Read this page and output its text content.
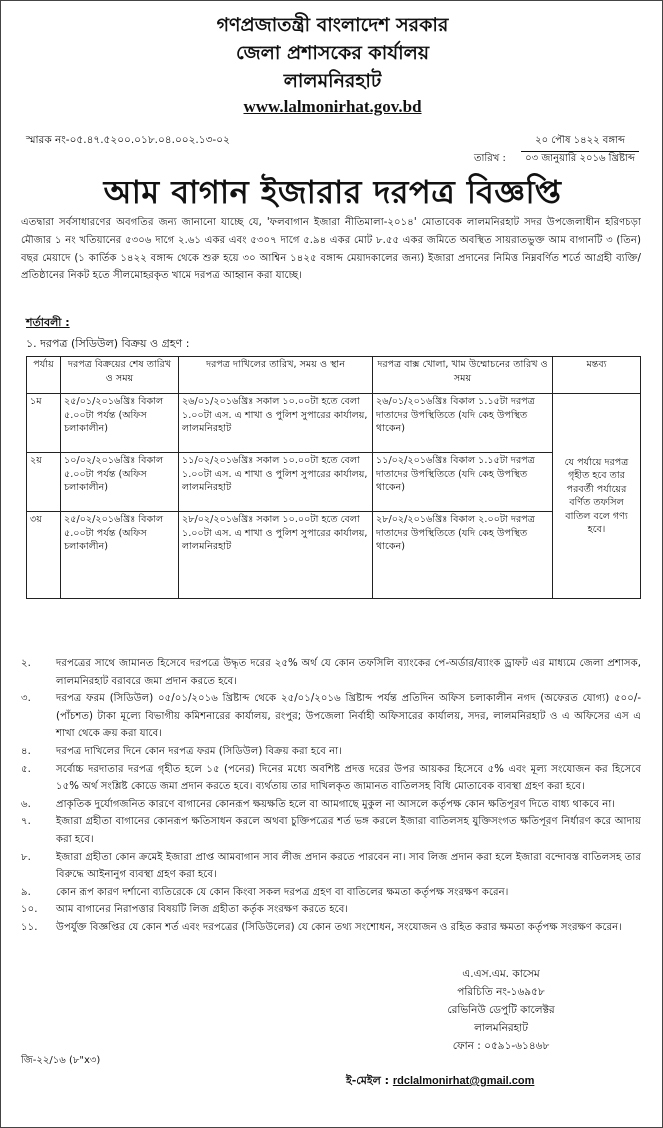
গণপ্রজাতন্ত্রী বাংলাদেশ সরকার
জেলা প্রশাসকের কার্যালয়
লালমনিরহাট
www.lalmonirhat.gov.bd
স্মারক নং-০৫.৪৭.৫২০০.০১৮.০৪.০০২.১৩-০২
তারিখ :
২০ পৌষ ১৪২২ বঙ্গাব্দ
০৩ জানুয়ারি ২০১৬ খ্রিষ্টাব্দ
আম বাগান ইজারার দরপত্র বিজ্ঞপ্তি
এতদ্বারা সর্বসাধারণের অবগতির জন্য জানানো যাচ্ছে যে, 'ফলবাগান ইজারা নীতিমালা-২০১৪' মোতাবেক লালমনিরহাট সদর উপজেলাধীন হরিণচড়া মৌজার ১ নং খতিয়ানের ৫৩০৬ দাগে ২.৬১ একর এবং ৫৩০৭ দাগে ৫.৯৪ একর মোট ৮.৫৫ একর জমিতে অবস্থিত সায়রাতভুক্ত আম বাগানটি ৩ (তিন) বছর মেয়াদে (১ কার্তিক ১৪২২ বঙ্গাব্দ থেকে শুরু হয়ে ৩০ আশ্বিন ১৪২৫ বঙ্গাব্দ মেয়াদকালের জন্য) ইজারা প্রদানের নিমিত্ত নিম্নবর্ণিত শর্তে আগ্রহী ব্যক্তি/প্রতিষ্ঠানের নিকট হতে সীলমোহরকৃত খামে দরপত্র আহ্বান করা যাচ্ছে।
শর্তাবলী :
১. দরপত্র (সিডিউল) বিক্রয় ও গ্রহণ :
পর্যায়	দরপত্র বিক্রয়ের শেষ তারিখ ও সময়	দরপত্র দাখিলের তারিখ, সময় ও স্থান	দরপত্র বাক্স খোলা, খাম উম্মোচনের তারিখ ও সময়	মন্তব্য
১ম	২৫/০১/২০১৬খ্রিঃ বিকাল ৫.০০টা পর্যন্ত (অফিস চলাকালীন)	২৬/০১/২০১৬খ্রিঃ সকাল ১০.০০টা হতে বেলা ১.০০টা এস. এ শাখা ও পুলিশ সুপারের কার্যালয়, লালমনিরহাট	২৬/০১/২০১৬খ্রিঃ বিকাল ১.১৫টা দরপত্র দাতাদের উপস্থিতিতে (যদি কেহ উপস্থিত থাকেন)	যে পর্যায়ে দরপত্র গৃহীত হবে তার পরবর্তী পর্যায়ের বর্ণিত তফসিল বাতিল বলে গণ্য হবে।
২য়	১০/০২/২০১৬খ্রিঃ বিকাল ৫.০০টা পর্যন্ত (অফিস চলাকালীন)	১১/০২/২০১৬খ্রিঃ সকাল ১০.০০টা হতে বেলা ১.০০টা এস. এ শাখা ও পুলিশ সুপারের কার্যালয়, লালমনিরহাট	১১/০২/২০১৬খ্রিঃ বিকাল ১.১৫টা দরপত্র দাতাদের উপস্থিতিতে (যদি কেহ উপস্থিত থাকেন)	
৩য়	২৫/০২/২০১৬খ্রিঃ বিকাল ৫.০০টা পর্যন্ত (অফিস চলাকালীন)	২৮/০২/২০১৬খ্রিঃ সকাল ১০.০০টা হতে বেলা ১.০০টা এস. এ শাখা ও পুলিশ সুপারের কার্যালয়, লালমনিরহাট	২৮/০২/২০১৬খ্রিঃ বিকাল ২.০০টা দরপত্র দাতাদের উপস্থিতিতে (যদি কেহ উপস্থিত থাকেন)	
২.	দরপত্রের সাথে জামানত হিসেবে দরপত্রে উদ্ধৃত দরের ২৫% অর্থ যে কোন তফসিলি ব্যাংকের পে-অর্ডার/ব্যাংক ড্রাফট এর মাধ্যমে জেলা প্রশাসক, লালমনিরহাট বরাবরে জমা প্রদান করতে হবে।
৩.	দরপত্র ফরম (সিডিউল) ০৫/০১/২০১৬ খ্রিষ্টাব্দ থেকে ২৫/০১/২০১৬ খ্রিষ্টাব্দ পর্যন্ত প্রতিদিন অফিস চলাকালীন নগদ (অফেরত যোগ্য) ৫০০/- (পাঁচশত) টাকা মূল্যে বিভাগীয় কমিশনারের কার্যালয়, রংপুর; উপজেলা নির্বাহী অফিসারের কার্যালয়, সদর, লালমনিরহাট ও এ অফিসের এস এ শাখা থেকে ক্রয় করা যাবে।
৪.	দরপত্র দাখিলের দিনে কোন দরপত্র ফরম (সিডিউল) বিক্রয় করা হবে না।
৫.	সর্বোচ্চ দরদাতার দরপত্র গৃহীত হলে ১৫ (পনের) দিনের মধ্যে অবশিষ্ট প্রদত্ত দরের উপর আয়কর হিসেবে ৫% এবং মূল্য সংযোজন কর হিসেবে ১৫% অর্থ সংশ্লিষ্ট কোডে জমা প্রদান করতে হবে। ব্যর্থতায় তার দাখিলকৃত জামানত বাতিলসহ বিধি মোতাবেক ব্যবস্থা গ্রহণ করা হবে।
৬.	প্রাকৃতিক দুর্যোগজনিত কারণে বাগানের কোনরূপ ক্ষয়ক্ষতি হলে বা আমগাছে মুকুল না আসলে কর্তৃপক্ষ কোন ক্ষতিপূরণ দিতে বাধ্য থাকবে না।
৭.	ইজারা গ্রহীতা বাগানের কোনরূপ ক্ষতিসাধন করলে অথবা চুক্তিপত্রের শর্ত ভঙ্গ করলে ইজারা বাতিলসহ যুক্তিসংগত ক্ষতিপূরণ নির্ধারণ করে আদায় করা হবে।
৮.	ইজারা গ্রহীতা কোন ক্রমেই ইজারা প্রাপ্ত আমবাগান সাব লীজ প্রদান করতে পারবেন না। সাব লিজ প্রদান করা হলে ইজারা বন্দোবস্ত বাতিলসহ তার বিরুদ্ধে আইনানুগ ব্যবস্থা গ্রহণ করা হবে।
৯.	কোন রূপ কারণ দর্শানো ব্যতিরেকে যে কোন কিংবা সকল দরপত্র গ্রহণ বা বাতিলের ক্ষমতা কর্তৃপক্ষ সংরক্ষণ করেন।
১০.	আম বাগানের নিরাপত্তার বিষয়টি লিজ গ্রহীতা কর্তৃক সংরক্ষণ করতে হবে।
১১.	উপর্যুক্ত বিজ্ঞপ্তির যে কোন শর্ত এবং দরপত্রের (সিডিউলের) যে কোন তথ্য সংশোধন, সংযোজন ও রহিত করার ক্ষমতা কর্তৃপক্ষ সংরক্ষণ করেন।
এ.এস.এম. কাসেম
পরিচিতি নং-১৬৯৫৮
রেভিনিউ ডেপুটি কালেক্টর
লালমনিরহাট
ফোন : ০৫৯১-৬১৪৬৮
ই-মেইল : rdclalmonirhat@gmail.com
জি-২২/১৬ (৮"x৩)
